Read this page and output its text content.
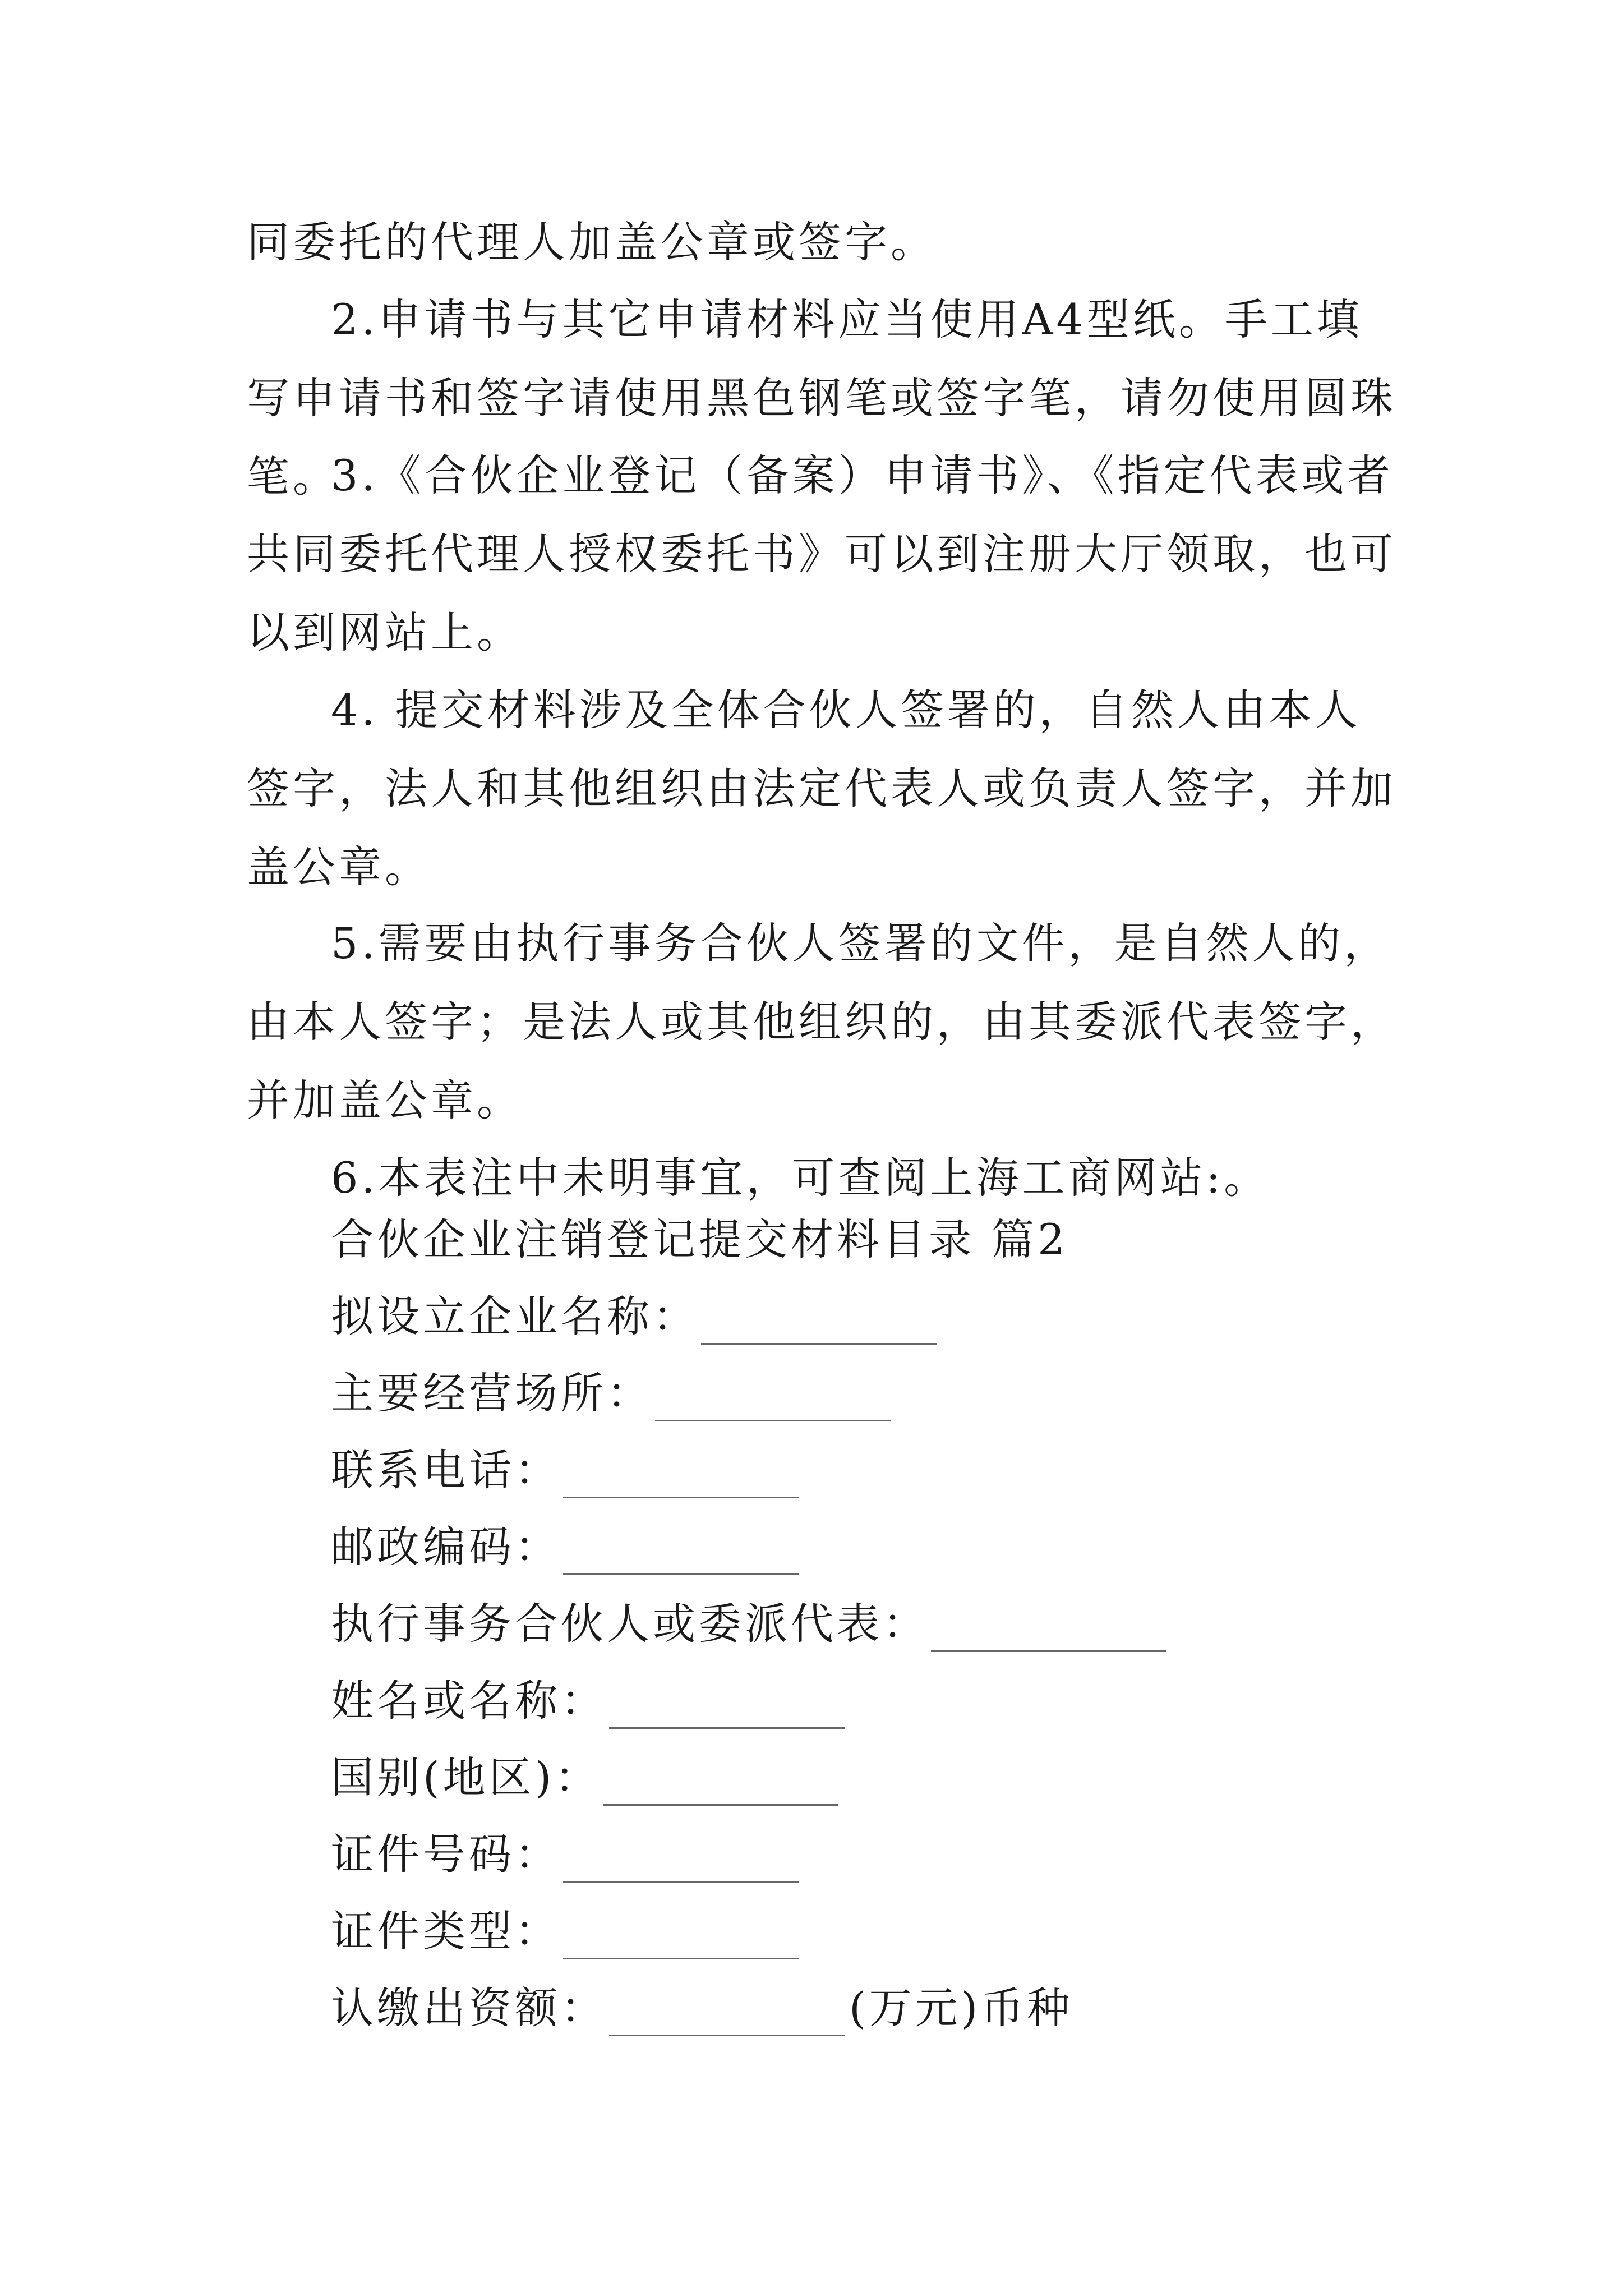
同委托的代理人加盖公章或签字。

2.申请书与其它申请材料应当使用A4型纸。手工填写申请书和签字请使用黑色钢笔或签字笔，请勿使用圆珠笔。

3.《合伙企业登记（备案）申请书》、《指定代表或者共同委托代理人授权委托书》可以到注册大厅领取，也可以到网站上。

4. 提交材料涉及全体合伙人签署的，自然人由本人签字，法人和其他组织由法定代表人或负责人签字，并加盖公章。

5.需要由执行事务合伙人签署的文件，是自然人的，由本人签字；是法人或其他组织的，由其委派代表签字，并加盖公章。

6.本表注中未明事宜，可查阅上海工商网站:。

合伙企业注销登记提交材料目录 篇2
拟设立企业名称：
主要经营场所：
联系电话：
邮政编码：
执行事务合伙人或委派代表：
姓名或名称：
国别(地区)：
证件号码：
证件类型：
认缴出资额：	(万元)币种
